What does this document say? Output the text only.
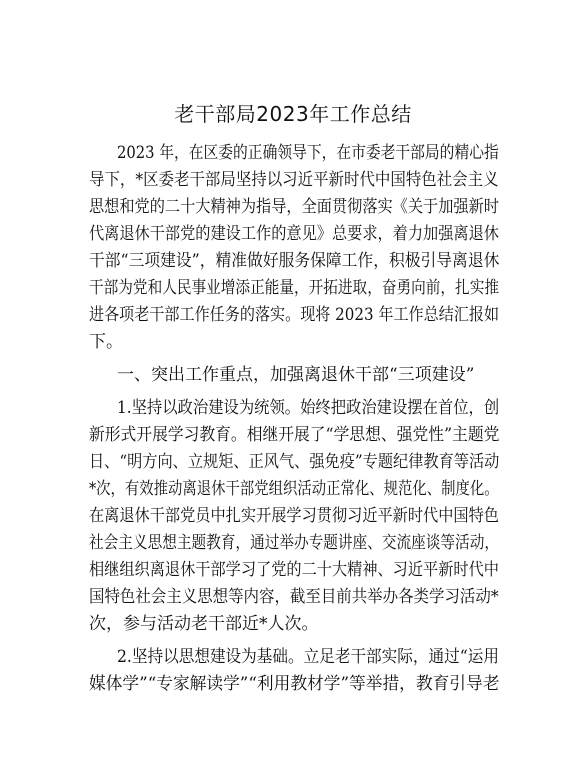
老干部局2023年工作总结
2023 年，在区委的正确领导下，在市委老干部局的精心指
导下，*区委老干部局坚持以习近平新时代中国特色社会主义
思想和党的二十大精神为指导，全面贯彻落实《关于加强新时
代离退休干部党的建设工作的意见》总要求，着力加强离退休
干部“三项建设”，精准做好服务保障工作，积极引导离退休
干部为党和人民事业增添正能量，开拓进取，奋勇向前，扎实推
进各项老干部工作任务的落实。现将 2023 年工作总结汇报如
下。
一、突出工作重点，加强离退休干部“三项建设”
1.坚持以政治建设为统领。始终把政治建设摆在首位，创
新形式开展学习教育。相继开展了“学思想、强党性”主题党
日、“明方向、立规矩、正风气、强免疫”专题纪律教育等活动
*次，有效推动离退休干部党组织活动正常化、规范化、制度化。
在离退休干部党员中扎实开展学习贯彻习近平新时代中国特色
社会主义思想主题教育，通过举办专题讲座、交流座谈等活动，
相继组织离退休干部学习了党的二十大精神、习近平新时代中
国特色社会主义思想等内容，截至目前共举办各类学习活动*
次，参与活动老干部近*人次。
2.坚持以思想建设为基础。立足老干部实际，通过“运用
媒体学”“专家解读学”“利用教材学”等举措，教育引导老
